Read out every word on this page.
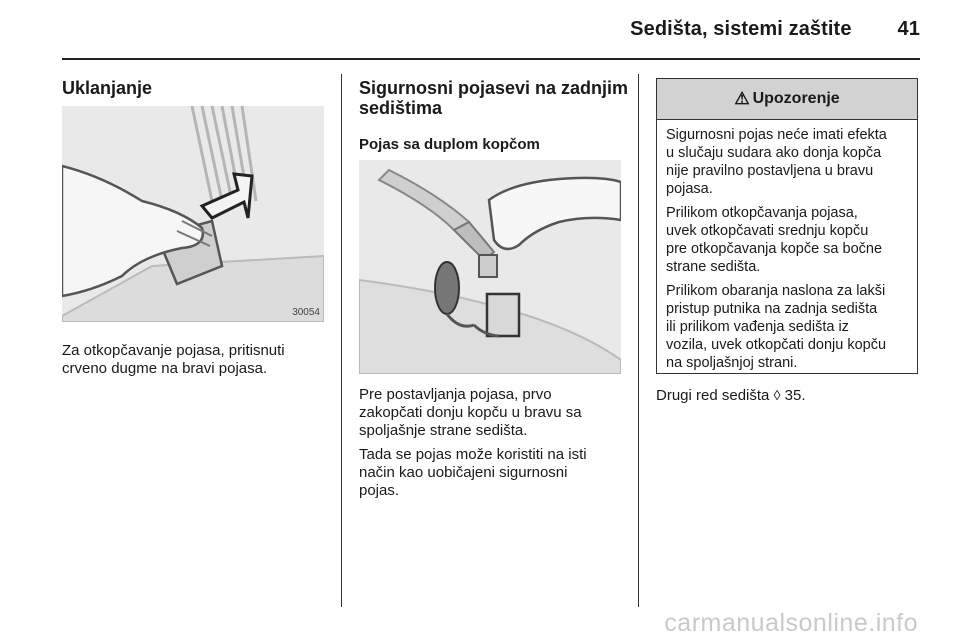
Sedišta, sistemi zaštite 41
Uklanjanje
30054
Za otkopčavanje pojasa, pritisnuti
crveno dugme na bravi pojasa.
Sigurnosni pojasevi na zadnjim
sedištima
Pojas sa duplom kopčom
Pre postavljanja pojasa, prvo
zakopčati donju kopču u bravu sa
spoljašnje strane sedišta.
Tada se pojas može koristiti na isti
način kao uobičajeni sigurnosni
pojas.
⚠ Upozorenje

Sigurnosni pojas neće imati efekta
u slučaju sudara ako donja kopča
nije pravilno postavljena u bravu
pojasa.

Prilikom otkopčavanja pojasa,
uvek otkopčavati srednju kopču
pre otkopčavanja kopče sa bočne
strane sedišta.

Prilikom obaranja naslona za lakši
pristup putnika na zadnja sedišta
ili prilikom vađenja sedišta iz
vozila, uvek otkopčati donju kopču
na spoljašnjoj strani.

Drugi red sedišta ◊ 35.
carmanualsonline.info
